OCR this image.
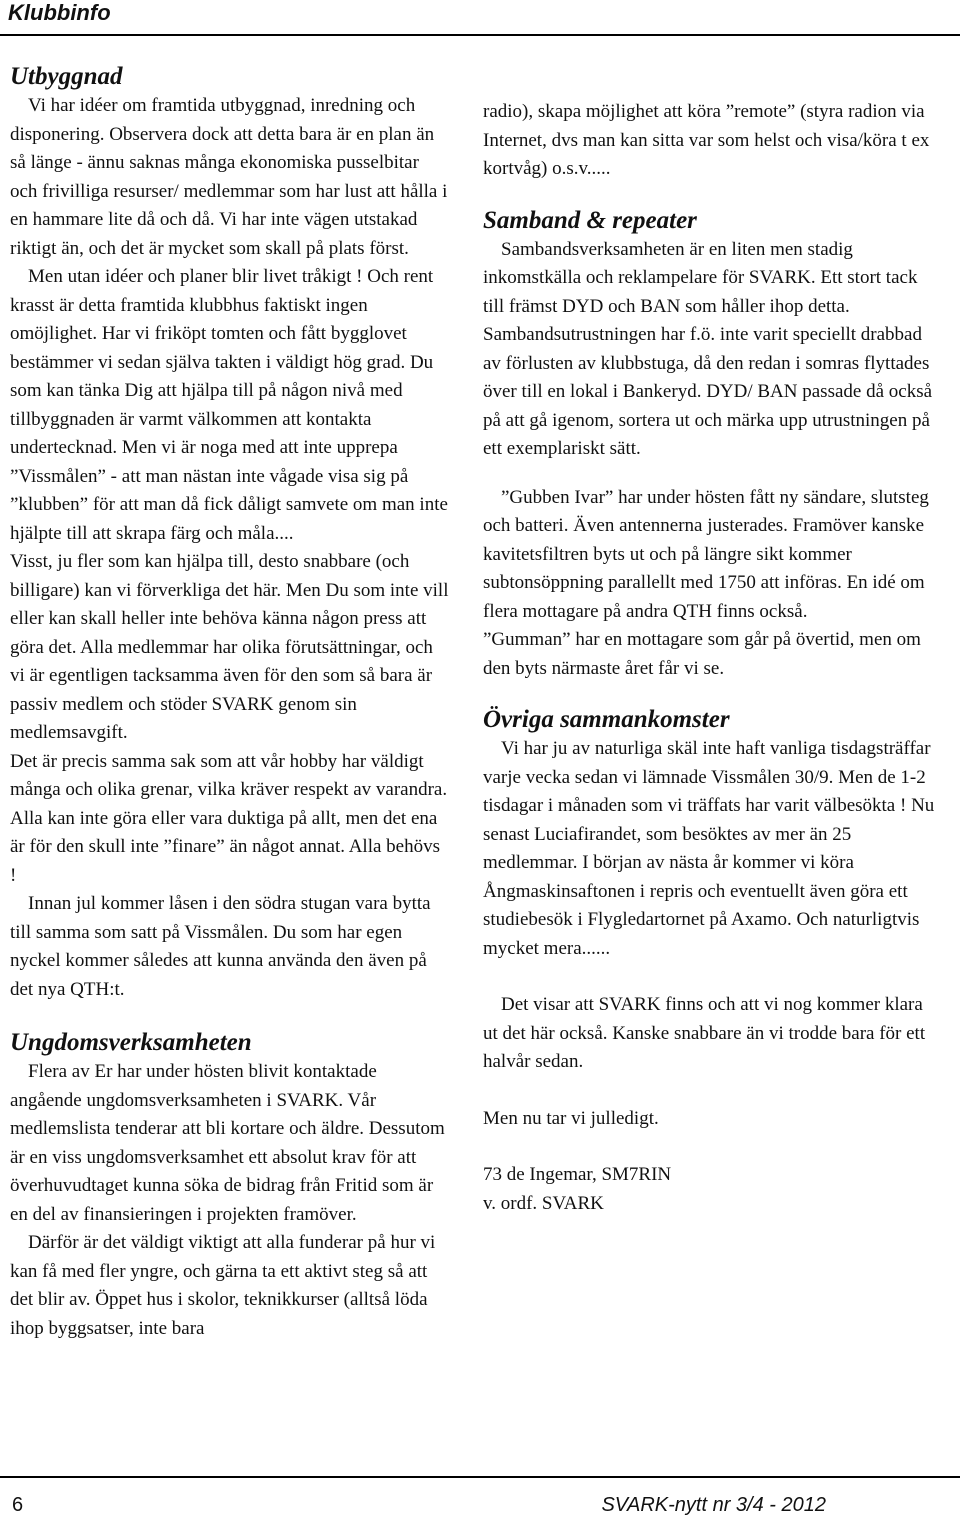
Klubbinfo
Utbyggnad

Vi har idéer om framtida utbyggnad, inredning och disponering. Observera dock att detta bara är en plan än så länge - ännu saknas många ekonomiska pusselbitar och frivilliga resurser/ medlemmar som har lust att hålla i en hammare lite då och då. Vi har inte vägen utstakad riktigt än, och det är mycket som skall på plats först.

Men utan idéer och planer blir livet tråkigt ! Och rent krasst är detta framtida klubbhus faktiskt ingen omöjlighet. Har vi friköpt tomten och fått bygglovet bestämmer vi sedan själva takten i väldigt hög grad. Du som kan tänka Dig att hjälpa till på någon nivå med tillbyggnaden är varmt välkommen att kontakta undertecknad. Men vi är noga med att inte upprepa ”Vissmålen” - att man nästan inte vågade visa sig på ”klubben” för att man då fick dåligt samvete om man inte hjälpte till att skrapa färg och måla....

Visst, ju fler som kan hjälpa till, desto snabbare (och billigare) kan vi förverkliga det här. Men Du som inte vill eller kan skall heller inte behöva känna någon press att göra det. Alla medlemmar har olika förutsättningar, och vi är egentligen tacksamma även för den som så bara är passiv medlem och stöder SVARK genom sin medlemsavgift.

Det är precis samma sak som att vår hobby har väldigt många och olika grenar, vilka kräver respekt av varandra. Alla kan inte göra eller vara duktiga på allt, men det ena är för den skull inte ”finare” än något annat. Alla behövs !

Innan jul kommer låsen i den södra stugan vara bytta till samma som satt på Vissmålen. Du som har egen nyckel kommer således att kunna använda den även på det nya QTH:t.

Ungdomsverksamheten

Flera av Er har under hösten blivit kontaktade angående ungdomsverksamheten i SVARK. Vår medlemslista tenderar att bli kortare och äldre. Dessutom är en viss ungdomsverksamhet ett absolut krav för att överhuvudtaget kunna söka de bidrag från Fritid som är en del av finansieringen i projekten framöver.

Därför är det väldigt viktigt att alla funderar på hur vi kan få med fler yngre, och gärna ta ett aktivt steg så att det blir av. Öppet hus i skolor, teknikkurser (alltså löda ihop byggsatser, inte bara

radio), skapa möjlighet att köra ”remote” (styra radion via Internet, dvs man kan sitta var som helst och visa/köra t ex kortvåg) o.s.v.....

Samband & repeater

Sambandsverksamheten är en liten men stadig inkomstkälla och reklampelare för SVARK. Ett stort tack till främst DYD och BAN som håller ihop detta. Sambandsutrustningen har f.ö. inte varit speciellt drabbad av förlusten av klubbstuga, då den redan i somras flyttades över till en lokal i Bankeryd. DYD/ BAN passade då också på att gå igenom, sortera ut och märka upp utrustningen på ett exemplariskt sätt.

”Gubben Ivar” har under hösten fått ny sändare, slutsteg och batteri. Även antennerna justerades. Framöver kanske kavitetsfiltren byts ut och på längre sikt kommer subtonsöppning parallellt med 1750 att införas. En idé om flera mottagare på andra QTH finns också.

”Gumman” har en mottagare som går på övertid, men om den byts närmaste året får vi se.

Övriga sammankomster

Vi har ju av naturliga skäl inte haft vanliga tisdagsträffar varje vecka sedan vi lämnade Vissmålen 30/9. Men de 1-2 tisdagar i månaden som vi träffats har varit välbesökta ! Nu senast Luciafirandet, som besöktes av mer än 25 medlemmar. I början av nästa år kommer vi köra Ångmaskinsaftonen i repris och eventuellt även göra ett studiebesök i Flygledartornet på Axamo. Och naturligtvis mycket mera......

Det visar att SVARK finns och att vi nog kommer klara ut det här också. Kanske snabbare än vi trodde bara för ett halvår sedan.

Men nu tar vi julledigt.

73 de Ingemar, SM7RIN

v. ordf. SVARK

6	SVARK-nytt nr 3/4 - 2012
